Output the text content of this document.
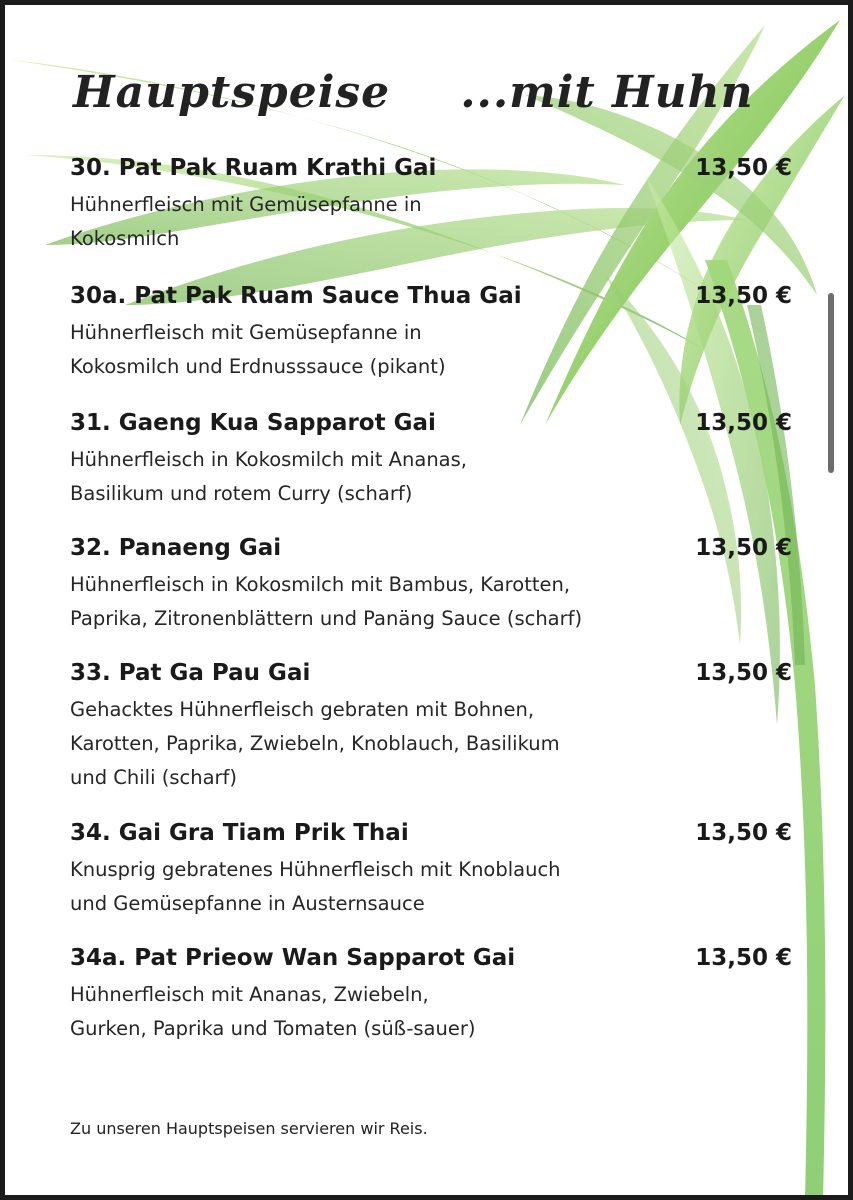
Hauptspeise ...mit Huhn
30. Pat Pak Ruam Krathi Gai	13,50 €
Hühnerfleisch mit Gemüsepfanne in
Kokosmilch
30a. Pat Pak Ruam Sauce Thua Gai	13,50 €
Hühnerfleisch mit Gemüsepfanne in
Kokosmilch und Erdnusssauce (pikant)
31. Gaeng Kua Sapparot Gai	13,50 €
Hühnerfleisch in Kokosmilch mit Ananas,
Basilikum und rotem Curry (scharf)
32. Panaeng Gai	13,50 €
Hühnerfleisch in Kokosmilch mit Bambus, Karotten,
Paprika, Zitronenblättern und Panäng Sauce (scharf)
33. Pat Ga Pau Gai	13,50 €
Gehacktes Hühnerfleisch gebraten mit Bohnen,
Karotten, Paprika, Zwiebeln, Knoblauch, Basilikum
und Chili (scharf)
34. Gai Gra Tiam Prik Thai	13,50 €
Knusprig gebratenes Hühnerfleisch mit Knoblauch
und Gemüsepfanne in Austernsauce
34a. Pat Prieow Wan Sapparot Gai	13,50 €
Hühnerfleisch mit Ananas, Zwiebeln,
Gurken, Paprika und Tomaten (süß-sauer)
Zu unseren Hauptspeisen servieren wir Reis.
